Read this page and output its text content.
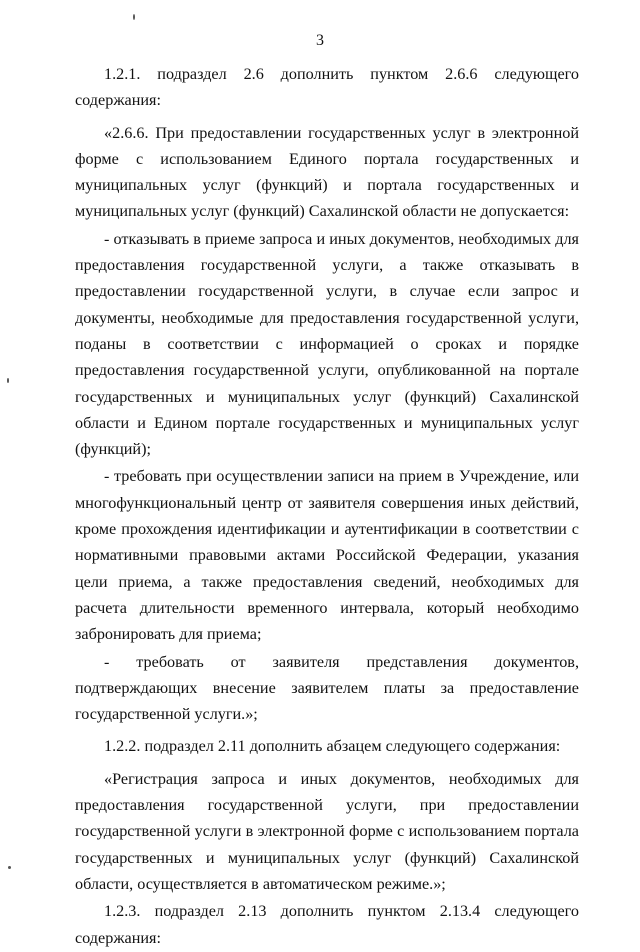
3

1.2.1. подраздел 2.6 дополнить пунктом 2.6.6 следующего содержания:

«2.6.6. При предоставлении государственных услуг в электронной форме с использованием Единого портала государственных и муниципальных услуг (функций) и портала государственных и муниципальных услуг (функций) Сахалинской области не допускается:

- отказывать в приеме запроса и иных документов, необходимых для предоставления государственной услуги, а также отказывать в предоставлении государственной услуги, в случае если запрос и документы, необходимые для предоставления государственной услуги, поданы в соответствии с информацией о сроках и порядке предоставления государственной услуги, опубликованной на портале государственных и муниципальных услуг (функций) Сахалинской области и Едином портале государственных и муниципальных услуг (функций);

- требовать при осуществлении записи на прием в Учреждение, или многофункциональный центр от заявителя совершения иных действий, кроме прохождения идентификации и аутентификации в соответствии с нормативными правовыми актами Российской Федерации, указания цели приема, а также предоставления сведений, необходимых для расчета длительности временного интервала, который необходимо забронировать для приема;

- требовать от заявителя представления документов, подтверждающих внесение заявителем платы за предоставление государственной услуги.»;

1.2.2. подраздел 2.11 дополнить абзацем следующего содержания:

«Регистрация запроса и иных документов, необходимых для предоставления государственной услуги, при предоставлении государственной услуги в электронной форме с использованием портала государственных и муниципальных услуг (функций) Сахалинской области, осуществляется в автоматическом режиме.»;

1.2.3. подраздел 2.13 дополнить пунктом 2.13.4 следующего содержания:
